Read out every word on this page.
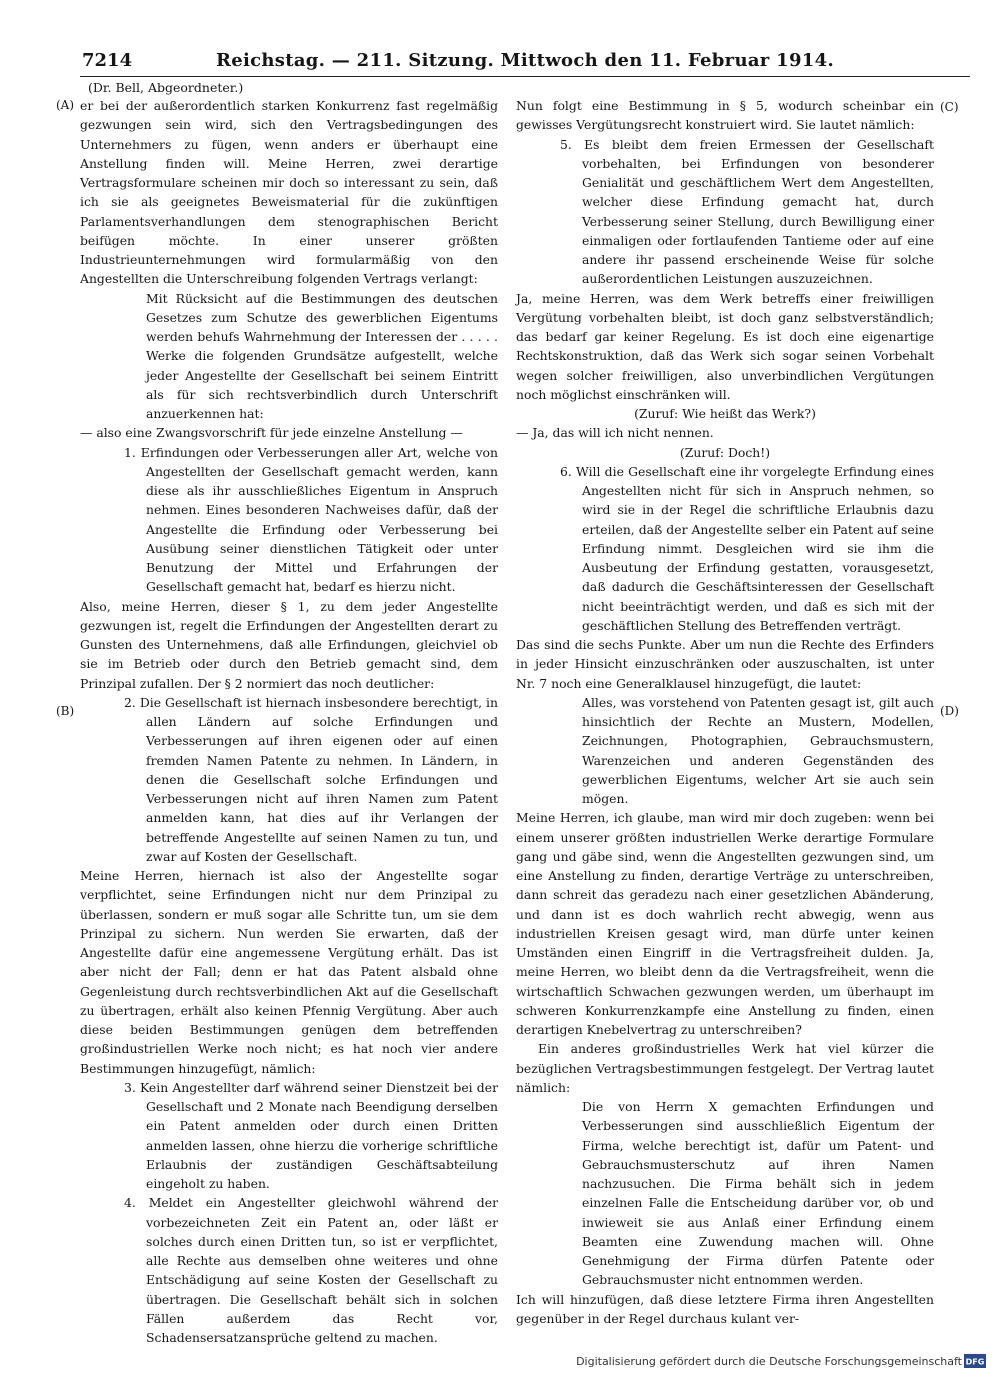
7214	Reichstag. — 211. Sitzung. Mittwoch den 11. Februar 1914.
(Dr. Bell, Abgeordneter.)
(A)
(B)
(C)
(D)

er bei der außerordentlich starken Konkurrenz fast regelmäßig gezwungen sein wird, sich den Vertragsbedingungen des Unternehmers zu fügen, wenn anders er überhaupt eine Anstellung finden will. Meine Herren, zwei derartige Vertragsformulare scheinen mir doch so interessant zu sein, daß ich sie als geeignetes Beweismaterial für die zukünftigen Parlamentsverhandlungen dem stenographischen Bericht beifügen möchte. In einer unserer größten Industrieunternehmungen wird formularmäßig von den Angestellten die Unterschreibung folgenden Vertrags verlangt:

Mit Rücksicht auf die Bestimmungen des deutschen Gesetzes zum Schutze des gewerblichen Eigentums werden behufs Wahrnehmung der Interessen der . . . . . Werke die folgenden Grundsätze aufgestellt, welche jeder Angestellte der Gesellschaft bei seinem Eintritt als für sich rechtsverbindlich durch Unterschrift anzuerkennen hat:

— also eine Zwangsvorschrift für jede einzelne Anstellung —

1. Erfindungen oder Verbesserungen aller Art, welche von Angestellten der Gesellschaft gemacht werden, kann diese als ihr ausschließliches Eigentum in Anspruch nehmen. Eines besonderen Nachweises dafür, daß der Angestellte die Erfindung oder Verbesserung bei Ausübung seiner dienstlichen Tätigkeit oder unter Benutzung der Mittel und Erfahrungen der Gesellschaft gemacht hat, bedarf es hierzu nicht.

Also, meine Herren, dieser § 1, zu dem jeder Angestellte gezwungen ist, regelt die Erfindungen der Angestellten derart zu Gunsten des Unternehmens, daß alle Erfindungen, gleichviel ob sie im Betrieb oder durch den Betrieb gemacht sind, dem Prinzipal zufallen. Der § 2 normiert das noch deutlicher:

2. Die Gesellschaft ist hiernach insbesondere berechtigt, in allen Ländern auf solche Erfindungen und Verbesserungen auf ihren eigenen oder auf einen fremden Namen Patente zu nehmen. In Ländern, in denen die Gesellschaft solche Erfindungen und Verbesserungen nicht auf ihren Namen zum Patent anmelden kann, hat dies auf ihr Verlangen der betreffende Angestellte auf seinen Namen zu tun, und zwar auf Kosten der Gesellschaft.

Meine Herren, hiernach ist also der Angestellte sogar verpflichtet, seine Erfindungen nicht nur dem Prinzipal zu überlassen, sondern er muß sogar alle Schritte tun, um sie dem Prinzipal zu sichern. Nun werden Sie erwarten, daß der Angestellte dafür eine angemessene Vergütung erhält. Das ist aber nicht der Fall; denn er hat das Patent alsbald ohne Gegenleistung durch rechtsverbindlichen Akt auf die Gesellschaft zu übertragen, erhält also keinen Pfennig Vergütung. Aber auch diese beiden Bestimmungen genügen dem betreffenden großindustriellen Werke noch nicht; es hat noch vier andere Bestimmungen hinzugefügt, nämlich:

3. Kein Angestellter darf während seiner Dienstzeit bei der Gesellschaft und 2 Monate nach Beendigung derselben ein Patent anmelden oder durch einen Dritten anmelden lassen, ohne hierzu die vorherige schriftliche Erlaubnis der zuständigen Geschäftsabteilung eingeholt zu haben.

4. Meldet ein Angestellter gleichwohl während der vorbezeichneten Zeit ein Patent an, oder läßt er solches durch einen Dritten tun, so ist er verpflichtet, alle Rechte aus demselben ohne weiteres und ohne Entschädigung auf seine Kosten der Gesellschaft zu übertragen. Die Gesellschaft behält sich in solchen Fällen außerdem das Recht vor, Schadensersatzansprüche geltend zu machen.

Nun folgt eine Bestimmung in § 5, wodurch scheinbar ein gewisses Vergütungsrecht konstruiert wird. Sie lautet nämlich:

5. Es bleibt dem freien Ermessen der Gesellschaft vorbehalten, bei Erfindungen von besonderer Genialität und geschäftlichem Wert dem Angestellten, welcher diese Erfindung gemacht hat, durch Verbesserung seiner Stellung, durch Bewilligung einer einmaligen oder fortlaufenden Tantieme oder auf eine andere ihr passend erscheinende Weise für solche außerordentlichen Leistungen auszuzeichnen.

Ja, meine Herren, was dem Werk betreffs einer freiwilligen Vergütung vorbehalten bleibt, ist doch ganz selbstverständlich; das bedarf gar keiner Regelung. Es ist doch eine eigenartige Rechtskonstruktion, daß das Werk sich sogar seinen Vorbehalt wegen solcher freiwilligen, also unverbindlichen Vergütungen noch möglichst einschränken will.

(Zuruf: Wie heißt das Werk?)

— Ja, das will ich nicht nennen.

(Zuruf: Doch!)

6. Will die Gesellschaft eine ihr vorgelegte Erfindung eines Angestellten nicht für sich in Anspruch nehmen, so wird sie in der Regel die schriftliche Erlaubnis dazu erteilen, daß der Angestellte selber ein Patent auf seine Erfindung nimmt. Desgleichen wird sie ihm die Ausbeutung der Erfindung gestatten, vorausgesetzt, daß dadurch die Geschäftsinteressen der Gesellschaft nicht beeinträchtigt werden, und daß es sich mit der geschäftlichen Stellung des Betreffenden verträgt.

Das sind die sechs Punkte. Aber um nun die Rechte des Erfinders in jeder Hinsicht einzuschränken oder auszuschalten, ist unter Nr. 7 noch eine Generalklausel hinzugefügt, die lautet:

Alles, was vorstehend von Patenten gesagt ist, gilt auch hinsichtlich der Rechte an Mustern, Modellen, Zeichnungen, Photographien, Gebrauchsmustern, Warenzeichen und anderen Gegenständen des gewerblichen Eigentums, welcher Art sie auch sein mögen.

Meine Herren, ich glaube, man wird mir doch zugeben: wenn bei einem unserer größten industriellen Werke derartige Formulare gang und gäbe sind, wenn die Angestellten gezwungen sind, um eine Anstellung zu finden, derartige Verträge zu unterschreiben, dann schreit das geradezu nach einer gesetzlichen Abänderung, und dann ist es doch wahrlich recht abwegig, wenn aus industriellen Kreisen gesagt wird, man dürfe unter keinen Umständen einen Eingriff in die Vertragsfreiheit dulden. Ja, meine Herren, wo bleibt denn da die Vertragsfreiheit, wenn die wirtschaftlich Schwachen gezwungen werden, um überhaupt im schweren Konkurrenzkampfe eine Anstellung zu finden, einen derartigen Knebelvertrag zu unterschreiben?

Ein anderes großindustrielles Werk hat viel kürzer die bezüglichen Vertragsbestimmungen festgelegt. Der Vertrag lautet nämlich:

Die von Herrn X gemachten Erfindungen und Verbesserungen sind ausschließlich Eigentum der Firma, welche berechtigt ist, dafür um Patent- und Gebrauchsmusterschutz auf ihren Namen nachzusuchen. Die Firma behält sich in jedem einzelnen Falle die Entscheidung darüber vor, ob und inwieweit sie aus Anlaß einer Erfindung einem Beamten eine Zuwendung machen will. Ohne Genehmigung der Firma dürfen Patente oder Gebrauchsmuster nicht entnommen werden.

Ich will hinzufügen, daß diese letztere Firma ihren Angestellten gegenüber in der Regel durchaus kulant ver-

Digitalisierung gefördert durch die Deutsche Forschungsgemeinschaft DFG
